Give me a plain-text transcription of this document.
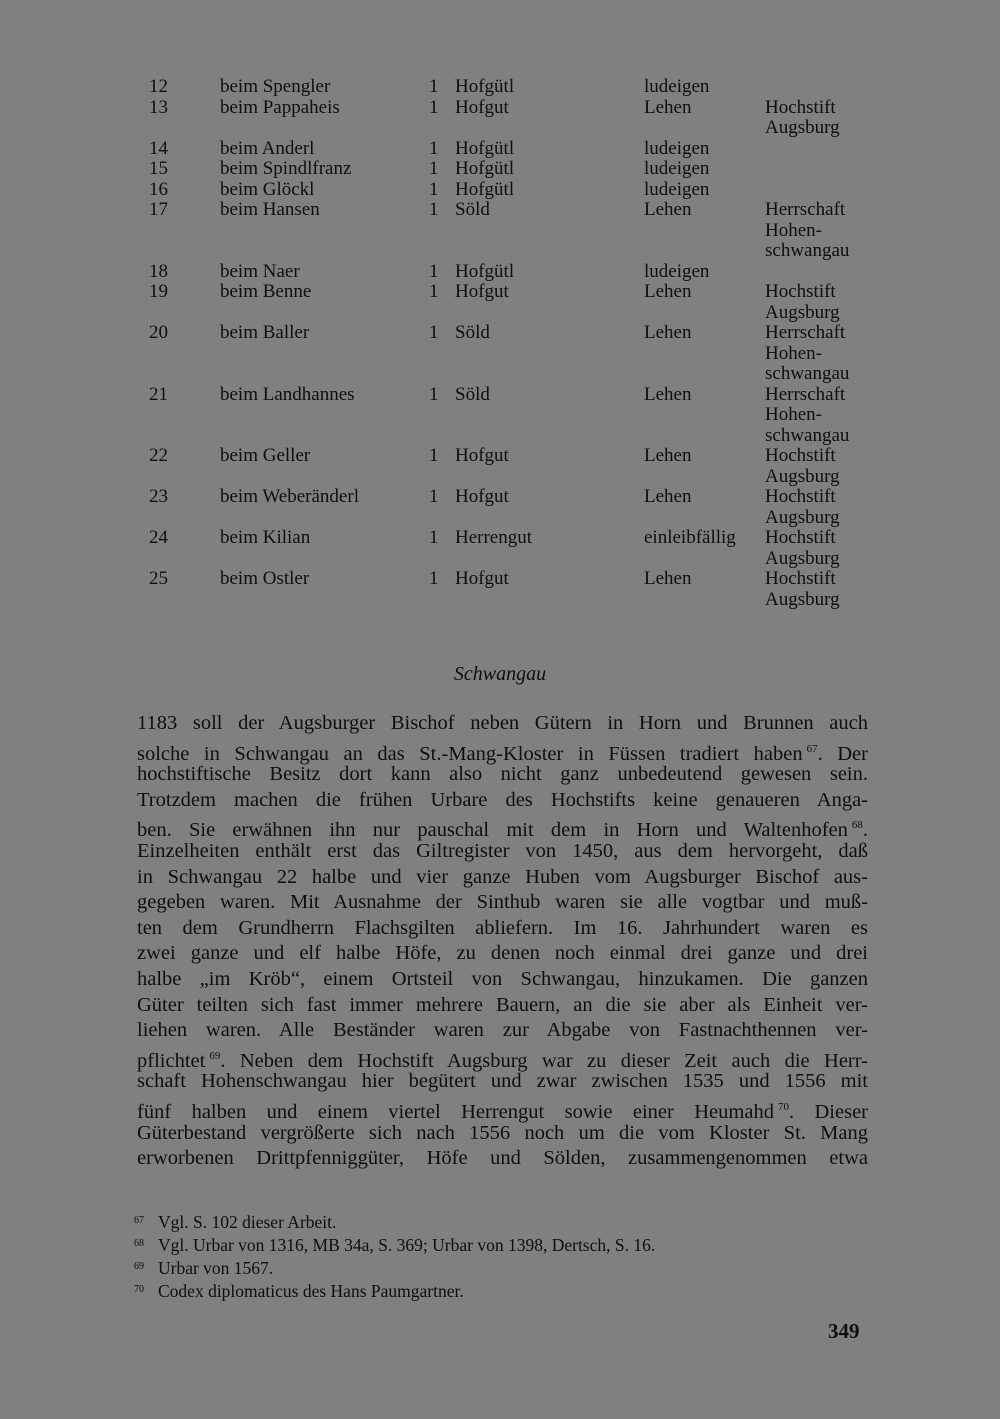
12	beim Spengler	1 Hofgütl	ludeigen
13	beim Pappaheis	1 Hofgut	Lehen	Hochstift
Augsburg
14	beim Anderl	1 Hofgütl	ludeigen
15	beim Spindlfranz	1 Hofgütl	ludeigen
16	beim Glöckl	1 Hofgütl	ludeigen
17	beim Hansen	1 Söld	Lehen	Herrschaft
Hohen-
schwangau
18	beim Naer	1 Hofgütl	ludeigen
19	beim Benne	1 Hofgut	Lehen	Hochstift
Augsburg
20	beim Baller	1 Söld	Lehen	Herrschaft
Hohen-
schwangau
21	beim Landhannes	1 Söld	Lehen	Herrschaft
Hohen-
schwangau
22	beim Geller	1 Hofgut	Lehen	Hochstift
Augsburg
23	beim Weberänderl	1 Hofgut	Lehen	Hochstift
Augsburg
24	beim Kilian	1 Herrengut	einleibfällig Hochstift
Augsburg
25	beim Ostler	1 Hofgut	Lehen	Hochstift
Augsburg
Schwangau
1183 soll der Augsburger Bischof neben Gütern in Horn und Brunnen auch
solche in Schwangau an das St.-Mang-Kloster in Füssen tradiert haben $^{67}$. Der
hochstiftische Besitz dort kann also nicht ganz unbedeutend gewesen sein.
Trotzdem machen die frühen Urbare des Hochstifts keine genaueren Anga-
ben. Sie erwähnen ihn nur pauschal mit dem in Horn und Waltenhofen $^{68}$.
Einzelheiten enthält erst das Giltregister von 1450, aus dem hervorgeht, daß
in Schwangau 22 halbe und vier ganze Huben vom Augsburger Bischof aus-
gegeben waren. Mit Ausnahme der Sinthub waren sie alle vogtbar und muß-
ten dem Grundherrn Flachsgilten abliefern. Im 16. Jahrhundert waren es
zwei ganze und elf halbe Höfe, zu denen noch einmal drei ganze und drei
halbe „im Kröb“, einem Ortsteil von Schwangau, hinzukamen. Die ganzen
Güter teilten sich fast immer mehrere Bauern, an die sie aber als Einheit ver-
liehen waren. Alle Beständer waren zur Abgabe von Fastnachthennen ver-
pflichtet $^{69}$. Neben dem Hochstift Augsburg war zu dieser Zeit auch die Herr-
schaft Hohenschwangau hier begütert und zwar zwischen 1535 und 1556 mit
fünf halben und einem viertel Herrengut sowie einer Heumahd $^{70}$. Dieser
Güterbestand vergrößerte sich nach 1556 noch um die vom Kloster St. Mang
erworbenen Drittpfenniggüter, Höfe und Sölden, zusammengenommen etwa
$^{67}$ Vgl. S. 102 dieser Arbeit.
$^{68}$ Vgl. Urbar von 1316, MB 34a, S. 369; Urbar von 1398, Dertsch, S. 16.
$^{69}$ Urbar von 1567.
$^{70}$ Codex diplomaticus des Hans Paumgartner.
349
